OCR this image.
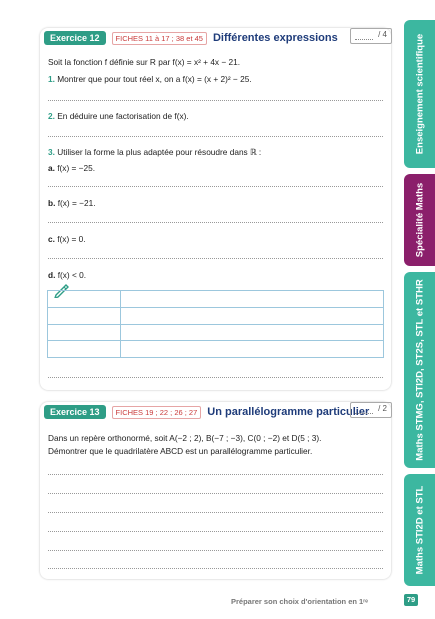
Enseignement scientifique
Spécialité Maths
Maths STMG, STI2D, ST2S, STL et STHR
Maths STI2D et STL
Exercice 12	FICHES 11 à 17 ; 38 et 45 Différentes expressions	/ 4
Soit la fonction f définie sur R par f(x) = x² + 4x − 21.
1. Montrer que pour tout réel x, on a f(x) = (x + 2)² − 25.
2. En déduire une factorisation de f(x).
3. Utiliser la forme la plus adaptée pour résoudre dans ℝ :
a. f(x) = −25.
b. f(x) = −21.
c. f(x) = 0.
d. f(x) < 0.

Exercice 13	FICHES 19 ; 22 ; 26 ; 27 Un parallélogramme particulier / 2
Dans un repère orthonormé, soit A(−2 ; 2), B(−7 ; −3), C(0 ; −2) et D(5 ; 3).
Démontrer que le quadrilatère ABCD est un parallélogramme particulier.
Préparer son choix d'orientation en 1ʳᵉ	79
